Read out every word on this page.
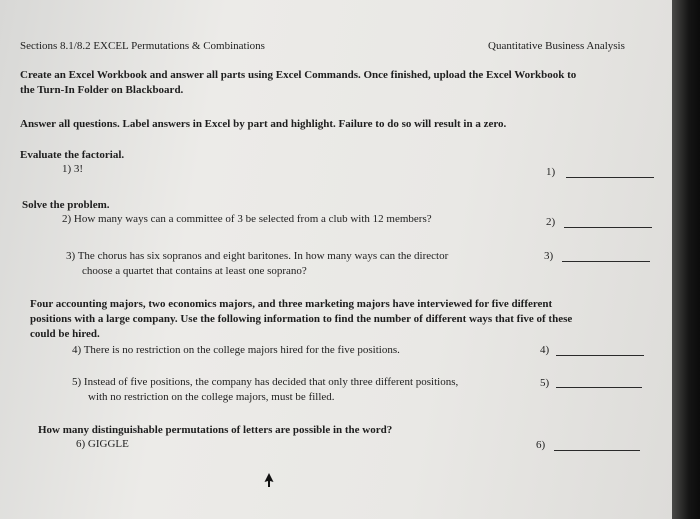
Sections 8.1/8.2 EXCEL Permutations & Combinations	Quantitative Business Analysis
Create an Excel Workbook and answer all parts using Excel Commands. Once finished, upload the Excel Workbook to
the Turn-In Folder on Blackboard.
Answer all questions. Label answers in Excel by part and highlight. Failure to do so will result in a zero.
Evaluate the factorial.
1) 3!	1)
Solve the problem.
2) How many ways can a committee of 3 be selected from a club with 12 members?	2)
3) The chorus has six sopranos and eight baritones. In how many ways can the director
choose a quartet that contains at least one soprano?
3)
Four accounting majors, two economics majors, and three marketing majors have interviewed for five different
positions with a large company. Use the following information to find the number of different ways that five of these
could be hired.
4) There is no restriction on the college majors hired for the five positions.	4)
5) Instead of five positions, the company has decided that only three different positions,
with no restriction on the college majors, must be filled.
5)
How many distinguishable permutations of letters are possible in the word?
6) GIGGLE	6)
